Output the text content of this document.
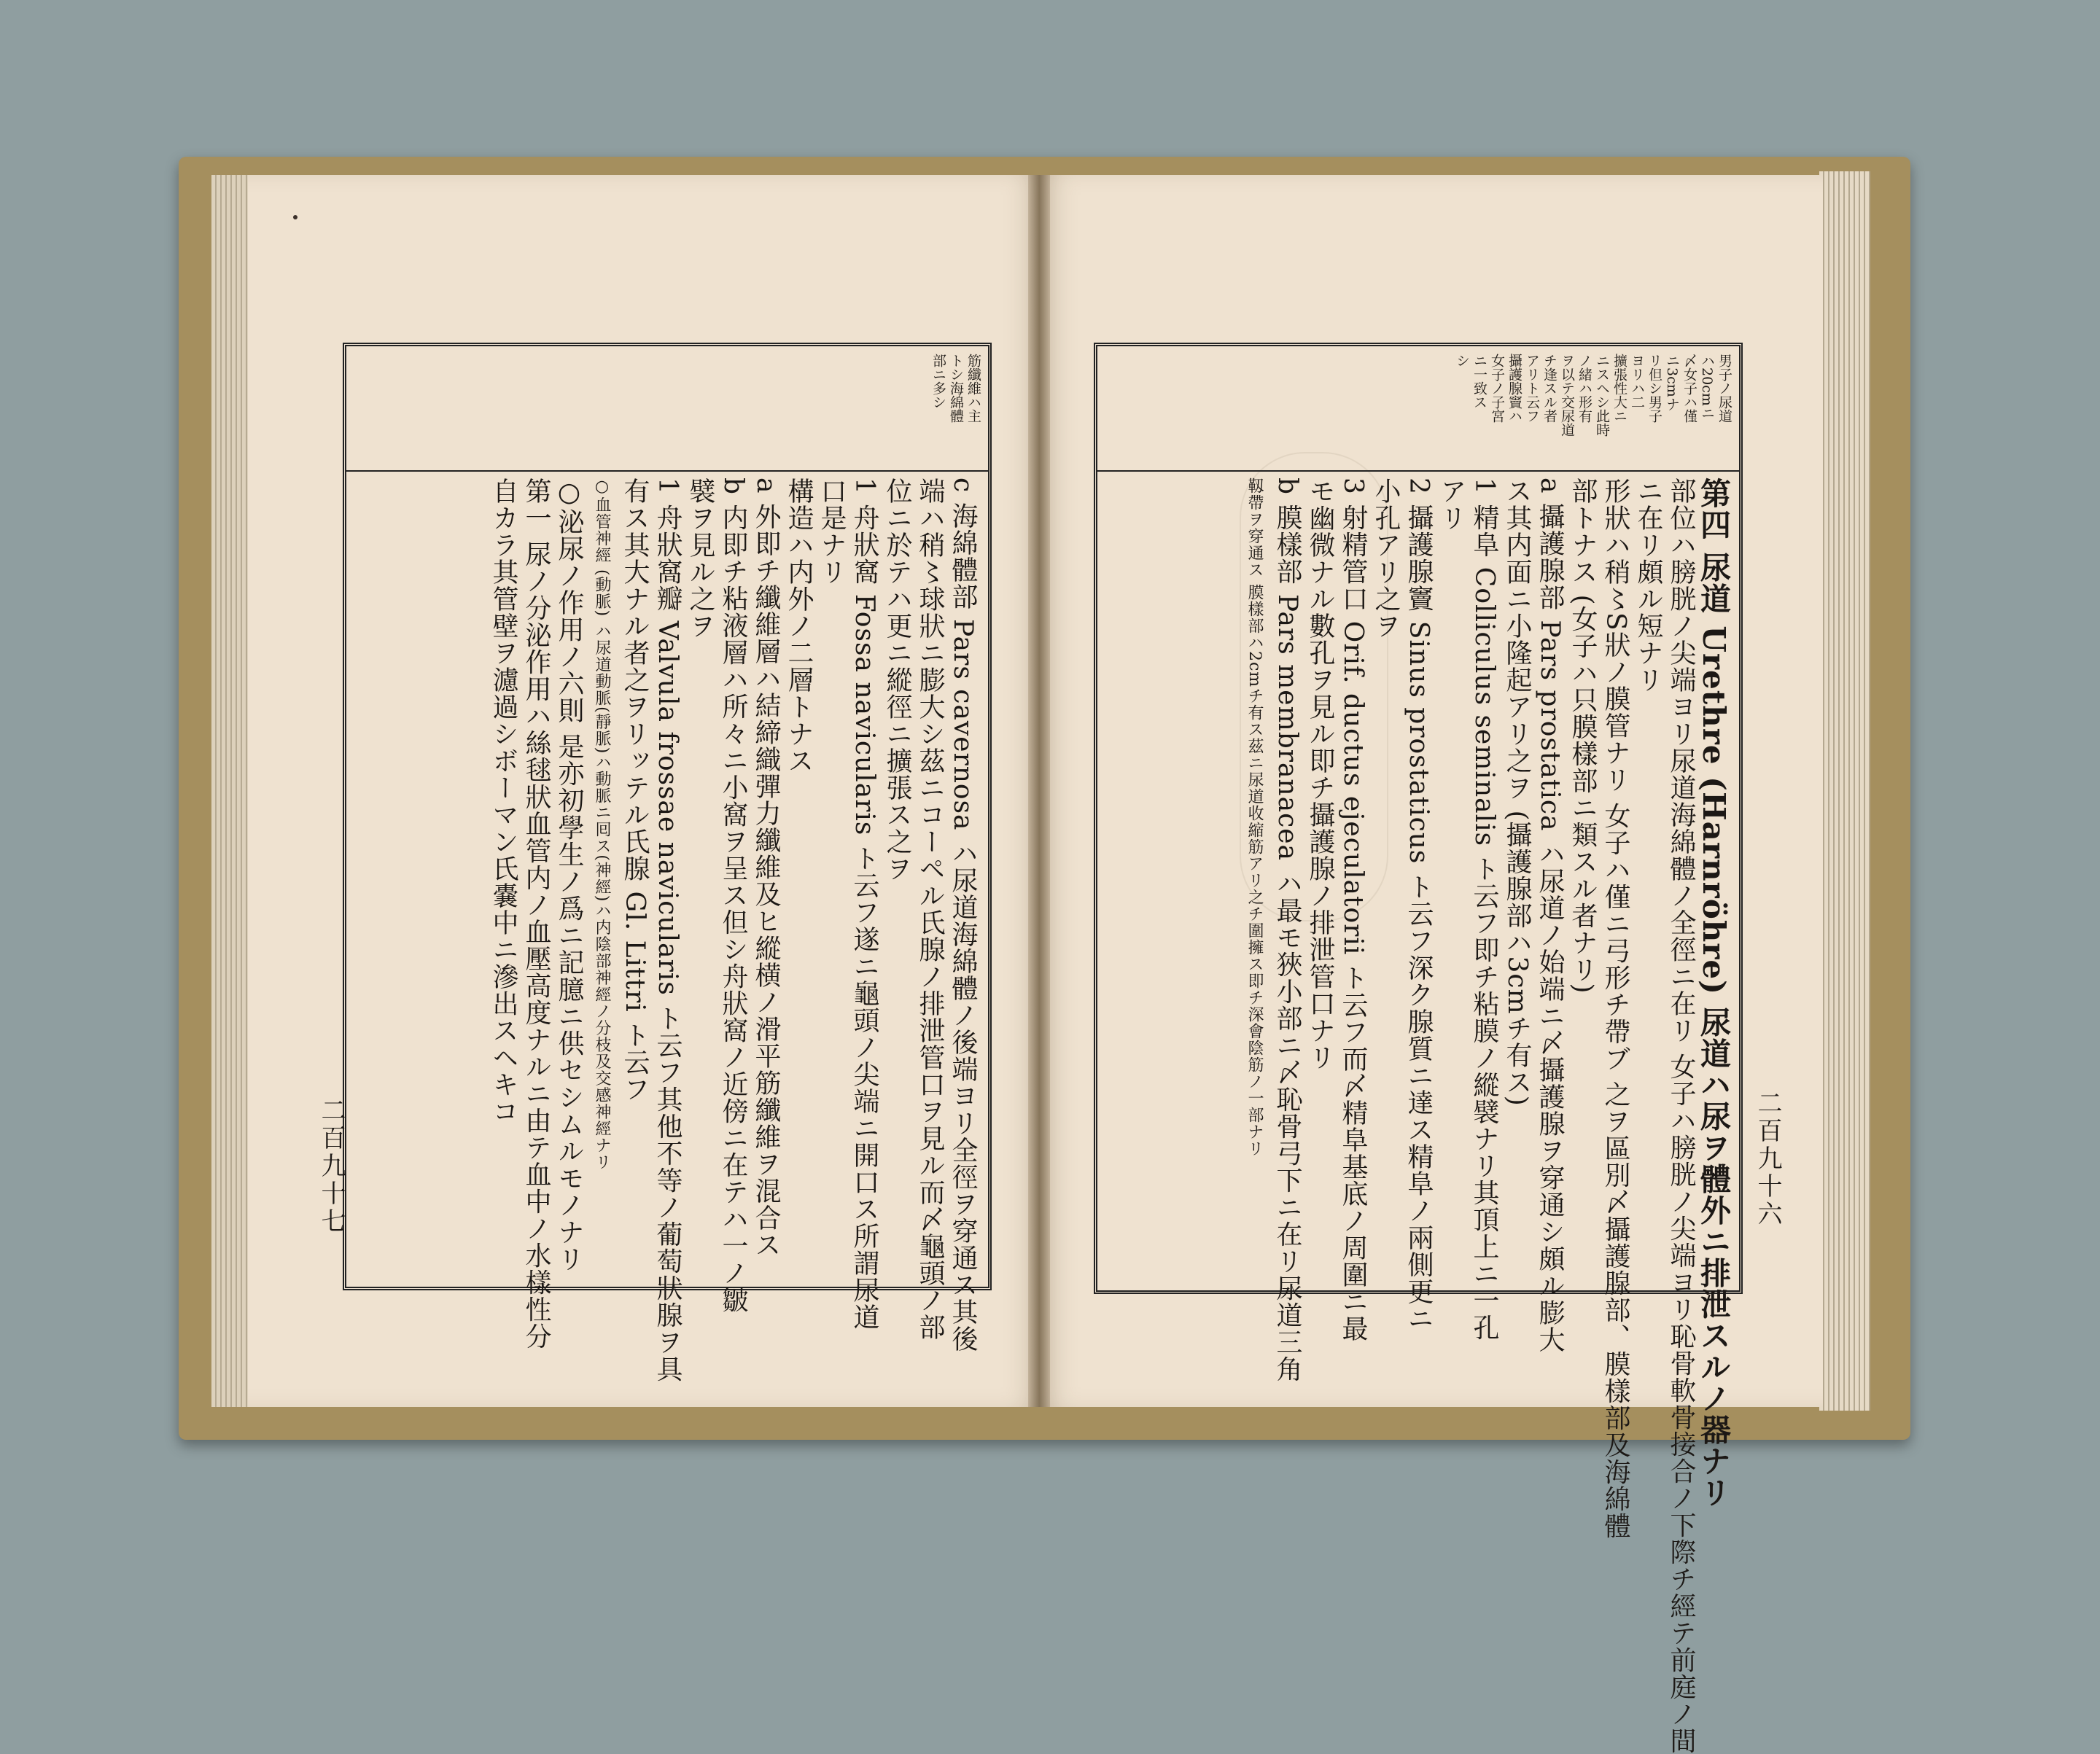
筋纖維ハ主
トシ海綿體
部ニ多シ
c 海綿體部 Pars cavernosa ハ尿道海綿體ノ後端ヨリ全徑ヲ穿通ス其後
端ハ稍〻球狀ニ膨大シ茲ニコーペル氏腺ノ排泄管口ヲ見ル而〆龜頭ノ部
位ニ於テハ更ニ縱徑ニ擴張ス之ヲ
1 舟狀窩 Fossa navicularis ト云フ遂ニ龜頭ノ尖端ニ開口ス所謂尿道
口是ナリ
構造ハ内外ノ二層トナス
a 外即チ纖維層ハ結締織彈力纖維及ヒ縱横ノ滑平筋纖維ヲ混合ス
b 内即チ粘液層ハ所々ニ小窩ヲ呈ス但シ舟狀窩ノ近傍ニ在テハ一ノ皺
襞ヲ見ル之ヲ
1 舟狀窩瓣 Valvula frossae navicularis ト云フ其他不等ノ葡萄狀腺ヲ具
有ス其大ナル者之ヲリッテル氏腺 Gl. Littri ト云フ
○血管神經 (動脈) ハ尿道動脈(靜脈)ハ動脈ニ囘ス(神經)ハ内陰部神經ノ分枝及交感神經ナリ
○泌尿ノ作用ノ六則 是亦初學生ノ爲ニ記臆ニ供セシムルモノナリ
第一 尿ノ分泌作用ハ絲毬狀血管内ノ血壓高度ナルニ由テ血中ノ水樣性分
自カラ其管壁ヲ濾過シボーマン氏嚢中ニ滲出スヘキコ
二百九十七
男子ノ尿道
ハ20cmニ
〆女子ハ僅
ニ3cmナ
リ但シ男子
ヨリハ二
擴張性大ニ
ニスヘシ此時
ノ緒ハ形有
ヲ以テ交尿道
チ逢スル者
アリト云フ
攝護腺竇ハ
女子ノ子宮
ニ一致ス
シ
第四 尿道 Urethre (Harnröhre) 尿道ハ尿ヲ體外ニ排泄スルノ器ナリ
部位ハ膀胱ノ尖端ヨリ尿道海綿體ノ全徑ニ在リ 女子ハ膀胱ノ尖端ヨリ恥骨軟骨接合ノ下際チ經テ前庭ノ間
ニ在リ頗ル短ナリ
形狀ハ稍〻S狀ノ膜管ナリ 女子ハ僅ニ弓形チ帶ブ 之ヲ區別〆攝護腺部、膜樣部及海綿體
部トナス (女子ハ只膜樣部ニ類スル者ナリ)
a 攝護腺部 Pars prostatica ハ尿道ノ始端ニ〆攝護腺ヲ穿通シ頗ル膨大
ス其内面ニ小隆起アリ之ヲ (攝護腺部ハ3cmチ有ス)
1 精阜 Colliculus seminalis ト云フ即チ粘膜ノ縱襞ナリ其頂上ニ一孔
アリ
2 攝護腺竇 Sinus prostaticus ト云フ深ク腺質ニ達ス精阜ノ兩側更ニ
小孔アリ之ヲ
3 射精管口 Orif. ductus ejeculatorii ト云フ而〆精阜基底ノ周圍ニ最
モ幽微ナル數孔ヲ見ル即チ攝護腺ノ排泄管口ナリ
b 膜樣部 Pars membranacea ハ最モ狹小部ニ〆恥骨弓下ニ在リ尿道三角
靱帶ヲ穿通ス 膜樣部ハ2cmチ有ス茲ニ尿道收縮筋アリ之チ圍擁ス即チ深會陰筋ノ一部ナリ
二百九十六
